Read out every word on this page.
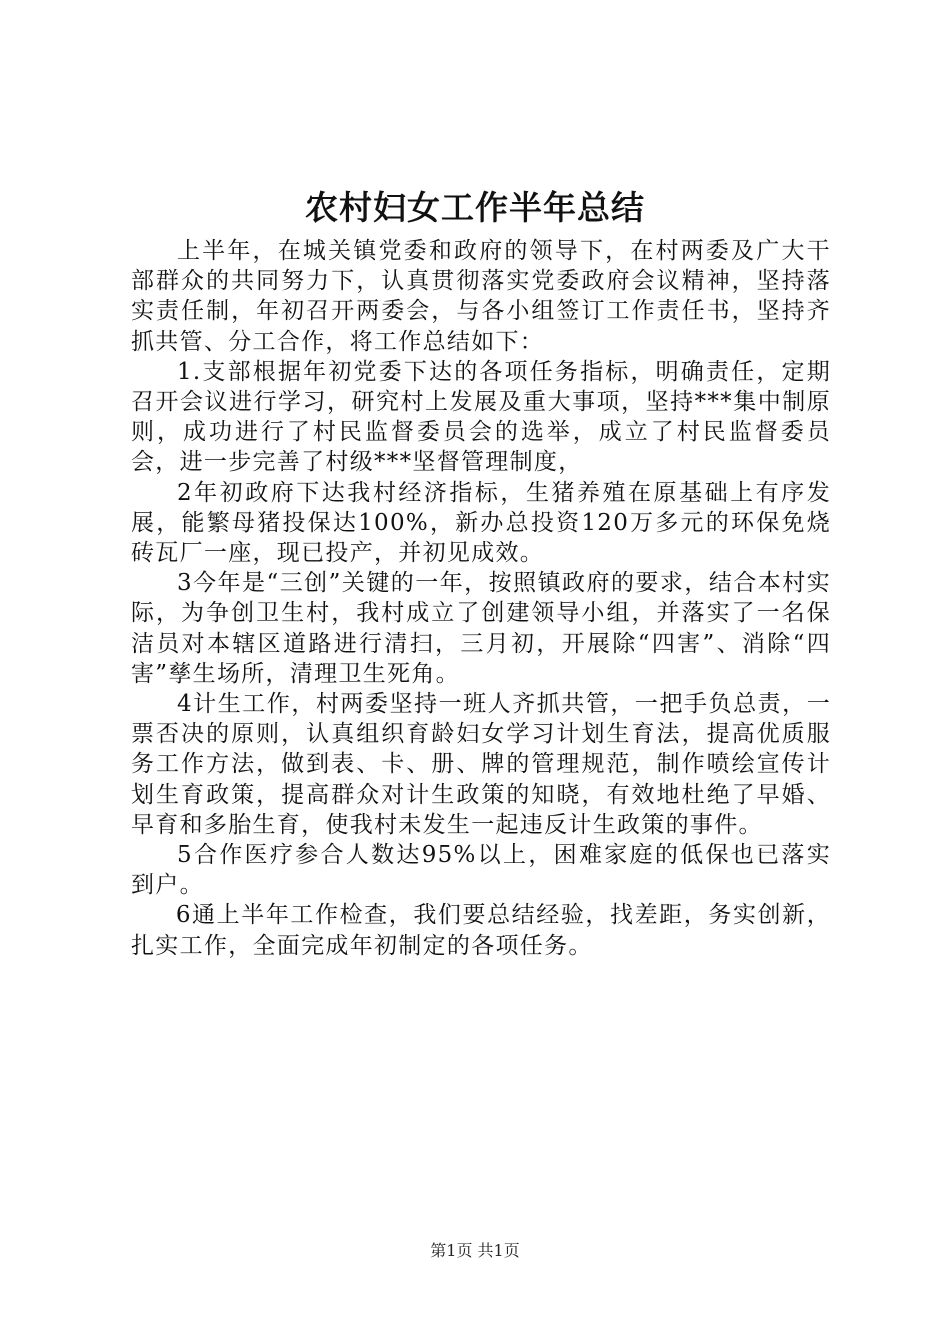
农村妇女工作半年总结

上半年，在城关镇党委和政府的领导下，在村两委及广大干部群众的共同努力下，认真贯彻落实党委政府会议精神，坚持落实责任制，年初召开两委会，与各小组签订工作责任书，坚持齐抓共管、分工合作，将工作总结如下：

1.支部根据年初党委下达的各项任务指标，明确责任，定期召开会议进行学习，研究村上发展及重大事项，坚持***集中制原则，成功进行了村民监督委员会的选举，成立了村民监督委员会，进一步完善了村级***坚督管理制度，

2年初政府下达我村经济指标，生猪养殖在原基础上有序发展，能繁母猪投保达100%，新办总投资120万多元的环保免烧砖瓦厂一座，现已投产，并初见成效。

3今年是“三创”关键的一年，按照镇政府的要求，结合本村实际，为争创卫生村，我村成立了创建领导小组，并落实了一名保洁员对本辖区道路进行清扫，三月初，开展除“四害”、消除“四害”孳生场所，清理卫生死角。

4计生工作，村两委坚持一班人齐抓共管，一把手负总责，一票否决的原则，认真组织育龄妇女学习计划生育法，提高优质服务工作方法，做到表、卡、册、牌的管理规范，制作喷绘宣传计划生育政策，提高群众对计生政策的知晓，有效地杜绝了早婚、早育和多胎生育，使我村未发生一起违反计生政策的事件。

5合作医疗参合人数达95%以上，困难家庭的低保也已落实到户。

6通上半年工作检查，我们要总结经验，找差距，务实创新，扎实工作，全面完成年初制定的各项任务。

第1页 共1页
